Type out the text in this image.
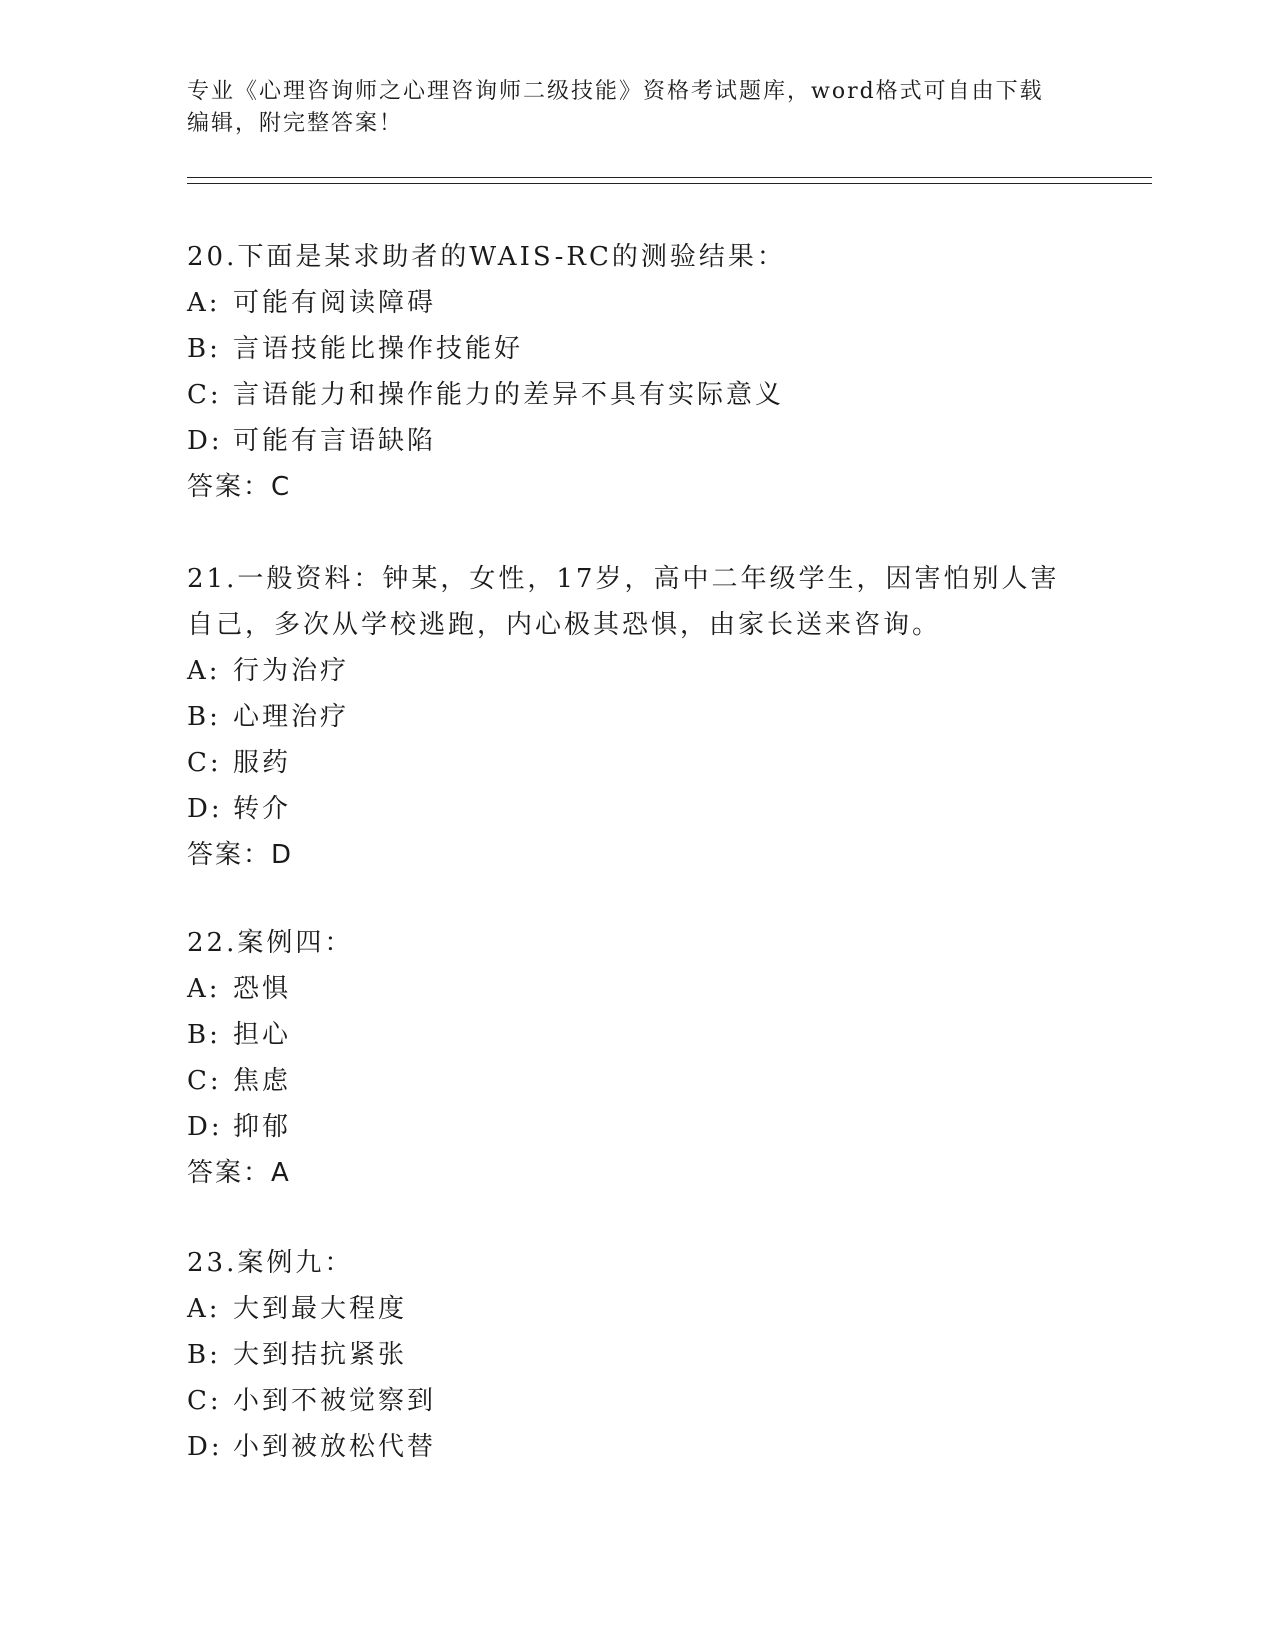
专业《心理咨询师之心理咨询师二级技能》资格考试题库，word格式可自由下载
编辑，附完整答案！
20.下面是某求助者的WAIS-RC的测验结果：
A: 可能有阅读障碍
B: 言语技能比操作技能好
C: 言语能力和操作能力的差异不具有实际意义
D: 可能有言语缺陷
答案：C
21.一般资料：钟某，女性，17岁，高中二年级学生，因害怕别人害自己，多次从学校逃跑，内心极其恐惧，由家长送来咨询。
A: 行为治疗
B: 心理治疗
C: 服药
D: 转介
答案：D
22.案例四：
A: 恐惧
B: 担心
C: 焦虑
D: 抑郁
答案：A
23.案例九：
A: 大到最大程度
B: 大到拮抗紧张
C: 小到不被觉察到
D: 小到被放松代替
